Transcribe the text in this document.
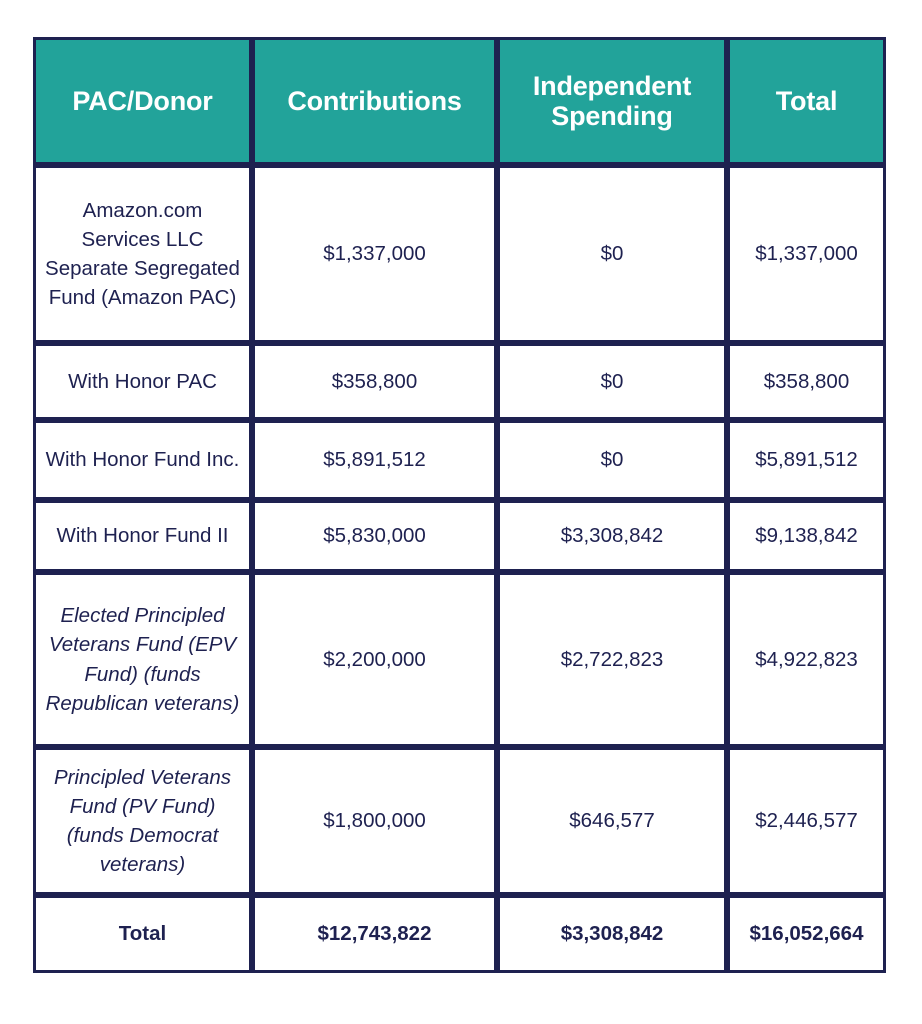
PAC/Donor	Contributions	Independent Spending	Total
Amazon.com Services LLC Separate Segregated Fund (Amazon PAC)	$1,337,000	$0	$1,337,000
With Honor PAC	$358,800	$0	$358,800
With Honor Fund Inc.	$5,891,512	$0	$5,891,512
With Honor Fund II	$5,830,000	$3,308,842	$9,138,842
Elected Principled Veterans Fund (EPV Fund) (funds Republican veterans)	$2,200,000	$2,722,823	$4,922,823
Principled Veterans Fund (PV Fund) (funds Democrat veterans)	$1,800,000	$646,577	$2,446,577
Total	$12,743,822	$3,308,842	$16,052,664
